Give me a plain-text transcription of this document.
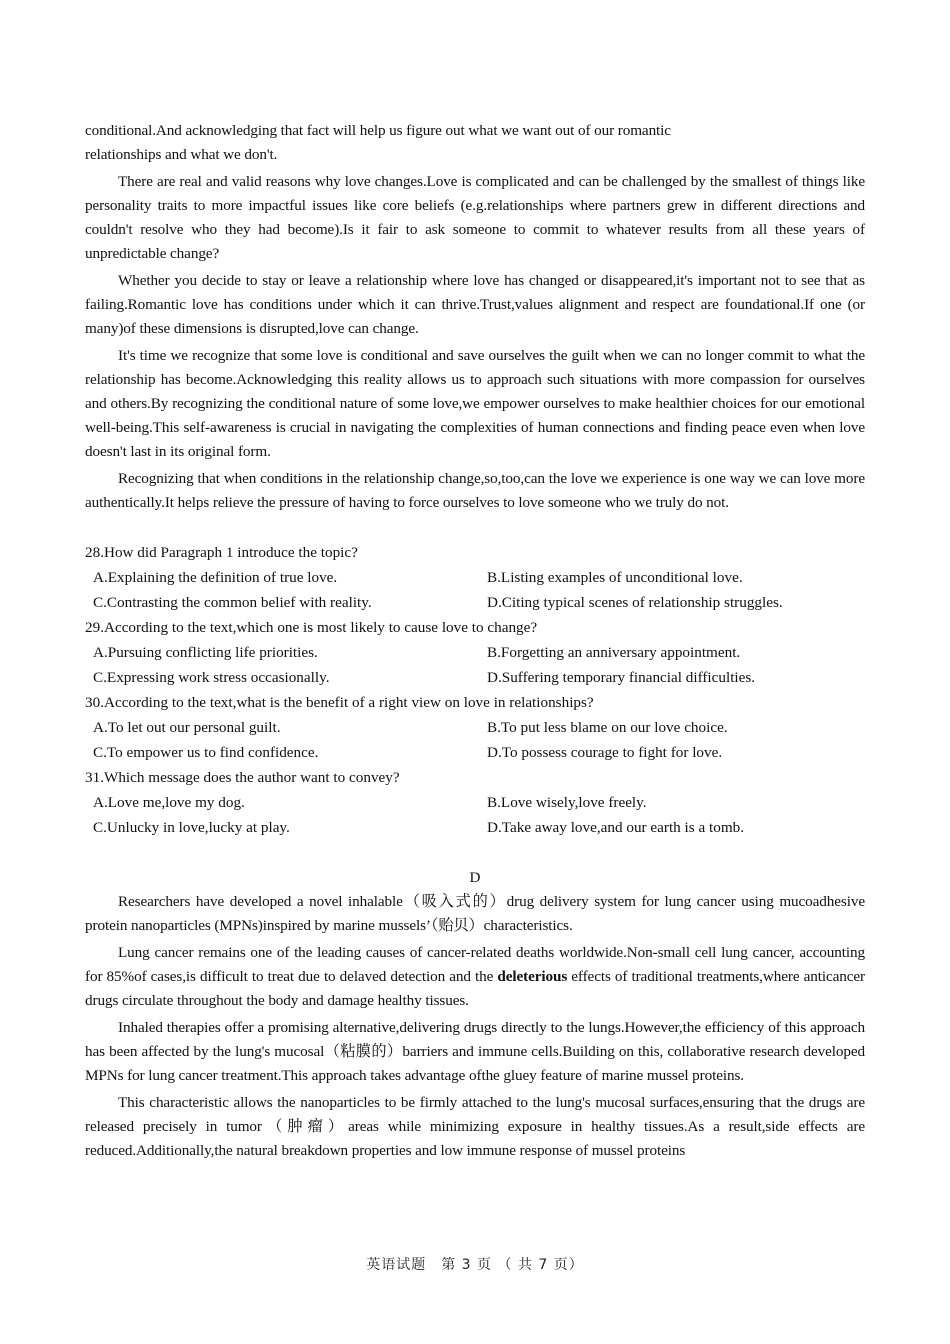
conditional.And acknowledging that fact will help us figure out what we want out of our romantic
relationships and what we don't.

There are real and valid reasons why love changes.Love is complicated and can be challenged by the smallest of things like personality traits to more impactful issues like core beliefs (e.g.relationships where partners grew in different directions and couldn't resolve who they had become).Is it fair to ask someone to commit to whatever results from all these years of unpredictable change?

Whether you decide to stay or leave a relationship where love has changed or disappeared,it's important not to see that as failing.Romantic love has conditions under which it can thrive.Trust,values alignment and respect are foundational.If one (or many)of these dimensions is disrupted,love can change.

It's time we recognize that some love is conditional and save ourselves the guilt when we can no longer commit to what the relationship has become.Acknowledging this reality allows us to approach such situations with more compassion for ourselves and others.By recognizing the conditional nature of some love,we empower ourselves to make healthier choices for our emotional well-being.This self-awareness is crucial in navigating the complexities of human connections and finding peace even when love doesn't last in its original form.

Recognizing that when conditions in the relationship change,so,too,can the love we experience is one way we can love more authentically.It helps relieve the pressure of having to force ourselves to love someone who we truly do not.

28.How did Paragraph 1 introduce the topic?

A.Explaining the definition of true love.	B.Listing examples of unconditional love.
C.Contrasting the common belief with reality.	D.Citing typical scenes of relationship struggles.

29.According to the text,which one is most likely to cause love to change?

A.Pursuing conflicting life priorities.	B.Forgetting an anniversary appointment.
C.Expressing work stress occasionally.	D.Suffering temporary financial difficulties.

30.According to the text,what is the benefit of a right view on love in relationships?

A.To let out our personal guilt.	B.To put less blame on our love choice.
C.To empower us to find confidence.	D.To possess courage to fight for love.

31.Which message does the author want to convey?

A.Love me,love my dog.	B.Love wisely,love freely.
C.Unlucky in love,lucky at play.	D.Take away love,and our earth is a tomb.
D

Researchers have developed a novel inhalable（吸入式的）drug delivery system for lung cancer using mucoadhesive protein nanoparticles (MPNs)inspired by marine mussels’（贻贝）characteristics.

Lung cancer remains one of the leading causes of cancer-related deaths worldwide.Non-small cell lung cancer, accounting for 85%of cases,is difficult to treat due to delaved detection and the deleterious effects of traditional treatments,where anticancer drugs circulate throughout the body and damage healthy tissues.

Inhaled therapies offer a promising alternative,delivering drugs directly to the lungs.However,the efficiency of this approach has been affected by the lung's mucosal（粘膜的）barriers and immune cells.Building on this, collaborative research developed MPNs for lung cancer treatment.This approach takes advantage ofthe gluey feature of marine mussel proteins.

This characteristic allows the nanoparticles to be firmly attached to the lung's mucosal surfaces,ensuring that the drugs are released precisely in tumor（肿瘤）areas while minimizing exposure in healthy tissues.As a result,side effects are reduced.Additionally,the natural breakdown properties and low immune response of mussel proteins

英语试题　第 3 页 （ 共 7 页）
